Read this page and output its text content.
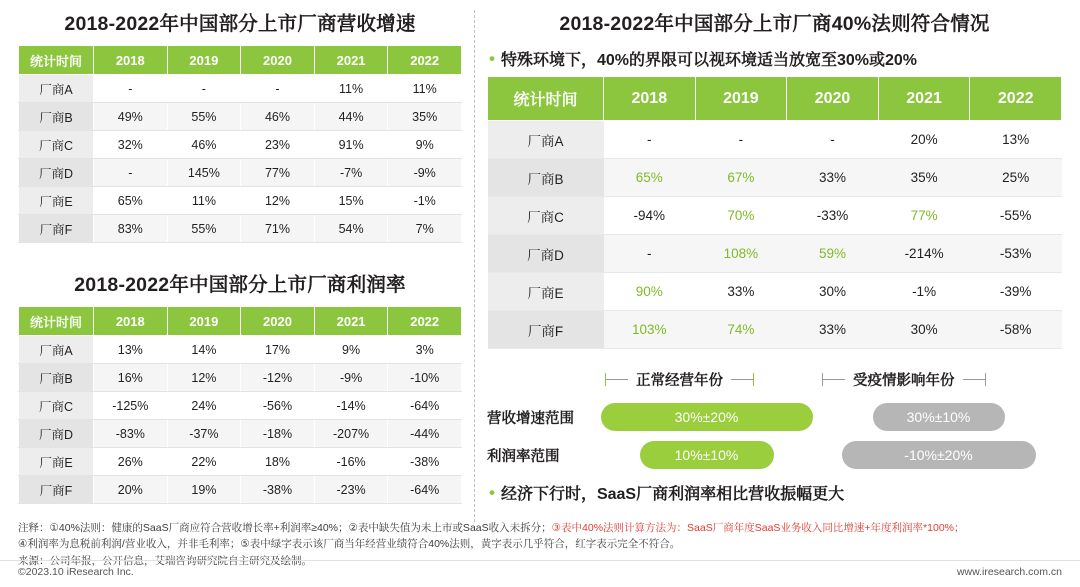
2018-2022年中国部分上市厂商营收增速
统计时间	2018	2019	2020	2021	2022
厂商A	-	-	-	11%	11%
厂商B	49%	55%	46%	44%	35%
厂商C	32%	46%	23%	91%	9%
厂商D	-	145%	77%	-7%	-9%
厂商E	65%	11%	12%	15%	-1%
厂商F	83%	55%	71%	54%	7%
2018-2022年中国部分上市厂商利润率
统计时间	2018	2019	2020	2021	2022
厂商A	13%	14%	17%	9%	3%
厂商B	16%	12%	-12%	-9%	-10%
厂商C	-125%	24%	-56%	-14%	-64%
厂商D	-83%	-37%	-18%	-207%	-44%
厂商E	26%	22%	18%	-16%	-38%
厂商F	20%	19%	-38%	-23%	-64%
2018-2022年中国部分上市厂商40%法则符合情况
• 特殊环境下，40%的界限可以视环境适当放宽至30%或20%
统计时间	2018	2019	2020	2021	2022
厂商A	-	-	-	20%	13%
厂商B	65%	67%	33%	35%	25%
厂商C	-94%	70%	-33%	77%	-55%
厂商D	-	108%	59%	-214%	-53%
厂商E	90%	33%	30%	-1%	-39%
厂商F	103%	74%	33%	30%	-58%
正常经营年份	受疫情影响年份
营收增速范围	30%±20%	30%±10%
利润率范围	10%±10%	-10%±20%
• 经济下行时，SaaS厂商利润率相比营收振幅更大
注释：①40%法则：健康的SaaS厂商应符合营收增长率+利润率≥40%；②表中缺失值为未上市或SaaS收入未拆分；③表中40%法则计算方法为：SaaS厂商年度SaaS业务收入同比增速+年度利润率*100%；
④利润率为息税前利润/营业收入，并非毛利率；⑤表中绿字表示该厂商当年经营业绩符合40%法则，黄字表示几乎符合，红字表示完全不符合。
来源：公司年报，公开信息，艾瑞咨询研究院自主研究及绘制。
©2023.10 iResearch Inc.	www.iresearch.com.cn
